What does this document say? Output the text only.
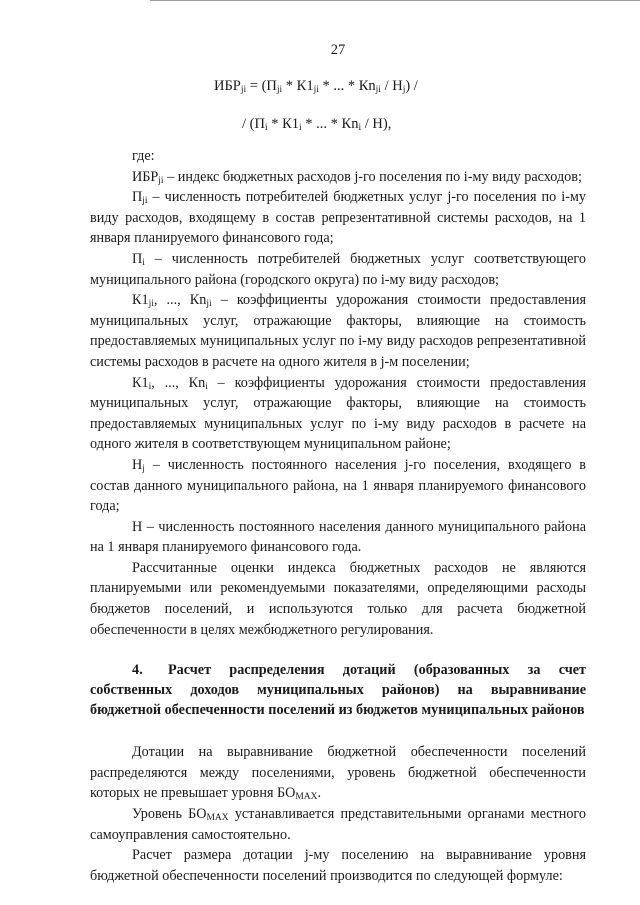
27
$ИБР_{ji} = (П_{ji} * К1_{ji}$ * ... * $Кn_{ji} / Н_j$) /
/ ($П_i * К1_i$ * ... * $Кn_i / Н$),
где:

$ИБР_{ji}$ – индекс бюджетных расходов j-го поселения по i-му виду расходов;

$П_{ji}$ – численность потребителей бюджетных услуг j-го поселения по i-му виду расходов, входящему в состав репрезентативной системы расходов, на 1 января планируемого финансового года;

$П_i$ – численность потребителей бюджетных услуг соответствующего муниципального района (городского округа) по i-му виду расходов;

$К1_{ji}$, ..., $Кn_{ji}$ – коэффициенты удорожания стоимости предоставления муниципальных услуг, отражающие факторы, влияющие на стоимость предоставляемых муниципальных услуг по i-му виду расходов репрезентативной системы расходов в расчете на одного жителя в j-м поселении;

$К1_i$, ..., $Кn_i$ – коэффициенты удорожания стоимости предоставления муниципальных услуг, отражающие факторы, влияющие на стоимость предоставляемых муниципальных услуг по i-му виду расходов в расчете на одного жителя в соответствующем муниципальном районе;

$Н_j$ – численность постоянного населения j-го поселения, входящего в состав данного муниципального района, на 1 января планируемого финансового года;

Н – численность постоянного населения данного муниципального района на 1 января планируемого финансового года.

Рассчитанные оценки индекса бюджетных расходов не являются планируемыми или рекомендуемыми показателями, определяющими расходы бюджетов поселений, и используются только для расчета бюджетной обеспеченности в целях межбюджетного регулирования.

4. Расчет распределения дотаций (образованных за счет собственных доходов муниципальных районов) на выравнивание бюджетной обеспеченности поселений из бюджетов муниципальных районов

Дотации на выравнивание бюджетной обеспеченности поселений распределяются между поселениями, уровень бюджетной обеспеченности которых не превышает уровня $БО_{MAX}$.

Уровень $БО_{MAX}$ устанавливается представительными органами местного самоуправления самостоятельно.

Расчет размера дотации j-му поселению на выравнивание уровня бюджетной обеспеченности поселений производится по следующей формуле:
